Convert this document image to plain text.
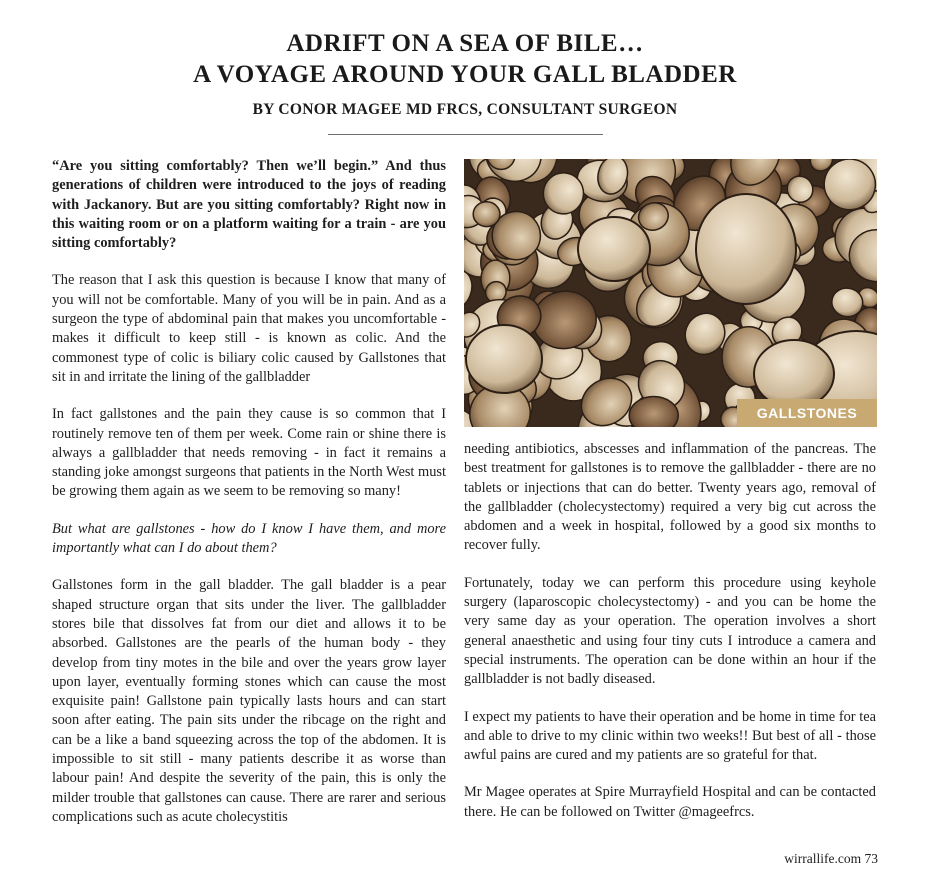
ADRIFT ON A SEA OF BILE…
A VOYAGE AROUND YOUR GALL BLADDER
BY CONOR MAGEE MD FRCS, CONSULTANT SURGEON

“Are you sitting comfortably? Then we’ll begin.” And thus generations of children were introduced to the joys of reading with Jackanory. But are you sitting comfortably? Right now in this waiting room or on a platform waiting for a train - are you sitting comfortably?

The reason that I ask this question is because I know that many of you will not be comfortable. Many of you will be in pain. And as a surgeon the type of abdominal pain that makes you uncomfortable - makes it difficult to keep still - is known as colic. And the commonest type of colic is biliary colic caused by Gallstones that sit in and irritate the lining of the gallbladder

In fact gallstones and the pain they cause is so common that I routinely remove ten of them per week. Come rain or shine there is always a gallbladder that needs removing - in fact it remains a standing joke amongst surgeons that patients in the North West must be growing them again as we seem to be removing so many!

But what are gallstones - how do I know I have them, and more importantly what can I do about them?

Gallstones form in the gall bladder. The gall bladder is a pear shaped structure organ that sits under the liver. The gallbladder stores bile that dissolves fat from our diet and allows it to be absorbed. Gallstones are the pearls of the human body - they develop from tiny motes in the bile and over the years grow layer upon layer, eventually forming stones which can cause the most exquisite pain! Gallstone pain typically lasts hours and can start soon after eating. The pain sits under the ribcage on the right and can be a like a band squeezing across the top of the abdomen. It is impossible to sit still - many patients describe it as worse than labour pain! And despite the severity of the pain, this is only the milder trouble that gallstones can cause. There are rarer and serious complications such as acute cholecystitis

GALLSTONES

needing antibiotics, abscesses and inflammation of the pancreas. The best treatment for gallstones is to remove the gallbladder - there are no tablets or injections that can do better. Twenty years ago, removal of the gallbladder (cholecystectomy) required a very big cut across the abdomen and a week in hospital, followed by a good six months to recover fully.

Fortunately, today we can perform this procedure using keyhole surgery (laparoscopic cholecystectomy) - and you can be home the very same day as your operation. The operation involves a short general anaesthetic and using four tiny cuts I introduce a camera and special instruments. The operation can be done within an hour if the gallbladder is not badly diseased.

I expect my patients to have their operation and be home in time for tea and able to drive to my clinic within two weeks!! But best of all - those awful pains are cured and my patients are so grateful for that.

Mr Magee operates at Spire Murrayfield Hospital and can be contacted there. He can be followed on Twitter @mageefrcs.

wirrallife.com 73
